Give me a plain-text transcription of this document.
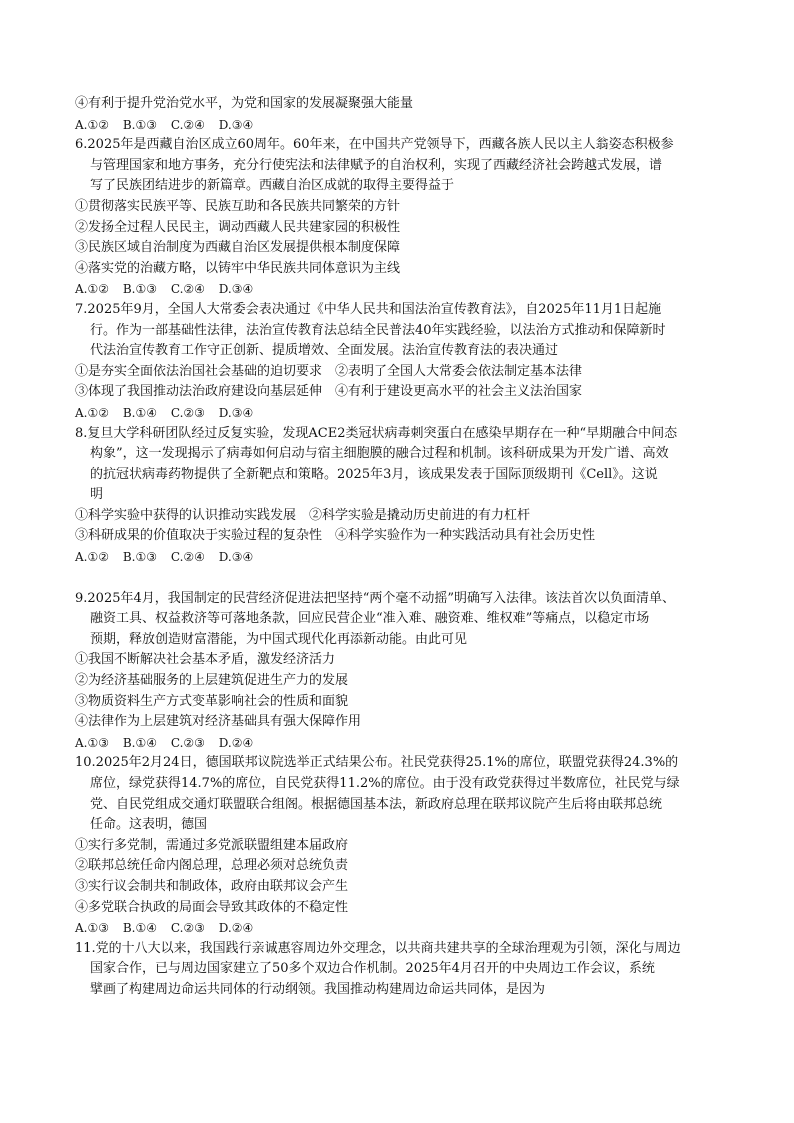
④有利于提升党治党水平，为党和国家的发展凝聚强大能量
A.①② B.①③ C.②④ D.③④
6.2025年是西藏自治区成立60周年。60年来，在中国共产党领导下，西藏各族人民以主人翁姿态积极参
与管理国家和地方事务，充分行使宪法和法律赋予的自治权利，实现了西藏经济社会跨越式发展，谱
写了民族团结进步的新篇章。西藏自治区成就的取得主要得益于
①贯彻落实民族平等、民族互助和各民族共同繁荣的方针
②发扬全过程人民民主，调动西藏人民共建家园的积极性
③民族区域自治制度为西藏自治区发展提供根本制度保障
④落实党的治藏方略，以铸牢中华民族共同体意识为主线
A.①② B.①③ C.②④ D.③④
7.2025年9月，全国人大常委会表决通过《中华人民共和国法治宣传教育法》，自2025年11月1日起施
行。作为一部基础性法律，法治宣传教育法总结全民普法40年实践经验，以法治方式推动和保障新时
代法治宣传教育工作守正创新、提质增效、全面发展。法治宣传教育法的表决通过
①是夯实全面依法治国社会基础的迫切要求　②表明了全国人大常委会依法制定基本法律
③体现了我国推动法治政府建设向基层延伸　④有利于建设更高水平的社会主义法治国家
A.①② B.①④ C.②③ D.③④
8.复旦大学科研团队经过反复实验，发现ACE2类冠状病毒刺突蛋白在感染早期存在一种“早期融合中间态
构象”，这一发现揭示了病毒如何启动与宿主细胞膜的融合过程和机制。该科研成果为开发广谱、高效
的抗冠状病毒药物提供了全新靶点和策略。2025年3月，该成果发表于国际顶级期刊《Cell》。这说
明
①科学实验中获得的认识推动实践发展　②科学实验是撬动历史前进的有力杠杆
③科研成果的价值取决于实验过程的复杂性　④科学实验作为一种实践活动具有社会历史性
A.①② B.①③ C.②④ D.③④
9.2025年4月，我国制定的民营经济促进法把坚持“两个毫不动摇”明确写入法律。该法首次以负面清单、
融资工具、权益救济等可落地条款，回应民营企业“准入难、融资难、维权难”等痛点，以稳定市场
预期，释放创造财富潜能，为中国式现代化再添新动能。由此可见
①我国不断解决社会基本矛盾，激发经济活力
②为经济基础服务的上层建筑促进生产力的发展
③物质资料生产方式变革影响社会的性质和面貌
④法律作为上层建筑对经济基础具有强大保障作用
A.①③ B.①④ C.②③ D.②④
10.2025年2月24日，德国联邦议院选举正式结果公布。社民党获得25.1%的席位，联盟党获得24.3%的
席位，绿党获得14.7%的席位，自民党获得11.2%的席位。由于没有政党获得过半数席位，社民党与绿
党、自民党组成交通灯联盟联合组阁。根据德国基本法，新政府总理在联邦议院产生后将由联邦总统
任命。这表明，德国
①实行多党制，需通过多党派联盟组建本届政府
②联邦总统任命内阁总理，总理必须对总统负责
③实行议会制共和制政体，政府由联邦议会产生
④多党联合执政的局面会导致其政体的不稳定性
A.①③ B.①④ C.②③ D.②④
11.党的十八大以来，我国践行亲诚惠容周边外交理念，以共商共建共享的全球治理观为引领，深化与周边
国家合作，已与周边国家建立了50多个双边合作机制。2025年4月召开的中央周边工作会议，系统
擘画了构建周边命运共同体的行动纲领。我国推动构建周边命运共同体，是因为
